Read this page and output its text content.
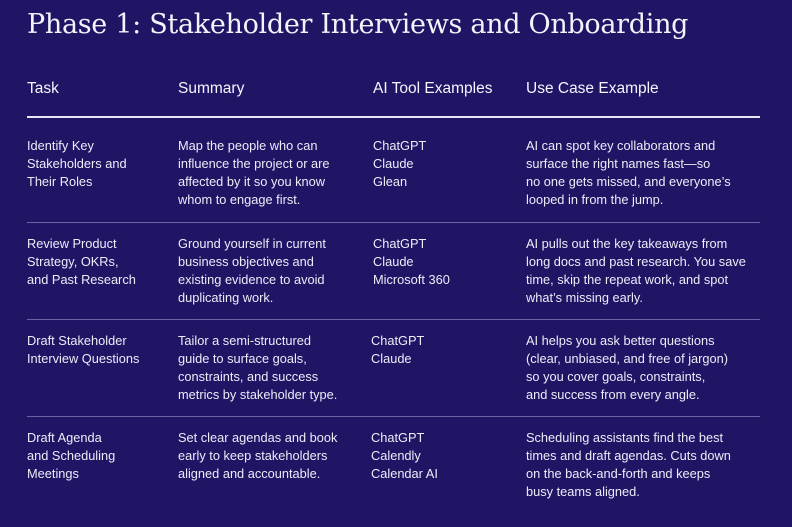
Phase 1: Stakeholder Interviews and Onboarding
Task	Summary	AI Tool Examples Use Case Example
Identify Key
Stakeholders and
Their Roles
Map the people who can
influence the project or are
affected by it so you know
whom to engage first.
ChatGPT
Claude
Glean
AI can spot key collaborators and
surface the right names fast—so
no one gets missed, and everyone’s
looped in from the jump.
Review Product
Strategy, OKRs,
and Past Research
Ground yourself in current
business objectives and
existing evidence to avoid
duplicating work.
ChatGPT
Claude
Microsoft 360
AI pulls out the key takeaways from
long docs and past research. You save
time, skip the repeat work, and spot
what’s missing early.
Draft Stakeholder
Interview Questions
Tailor a semi-structured
guide to surface goals,
constraints, and success
metrics by stakeholder type.
ChatGPT
Claude
AI helps you ask better questions
(clear, unbiased, and free of jargon)
so you cover goals, constraints,
and success from every angle.
Draft Agenda
and Scheduling
Meetings
Set clear agendas and book
early to keep stakeholders
aligned and accountable.
ChatGPT
Calendly
Calendar AI
Scheduling assistants find the best
times and draft agendas. Cuts down
on the back-and-forth and keeps
busy teams aligned.
